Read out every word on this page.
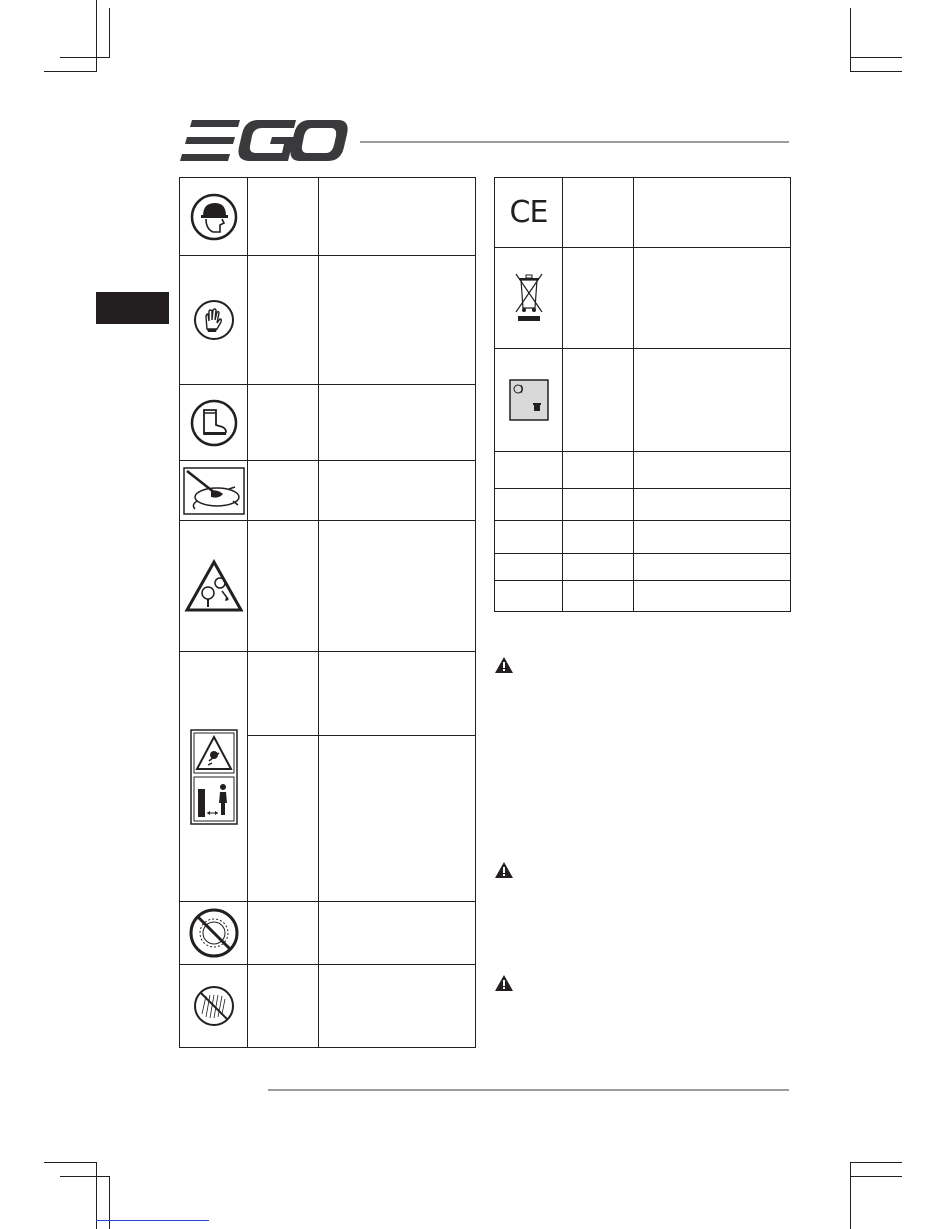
CE		
